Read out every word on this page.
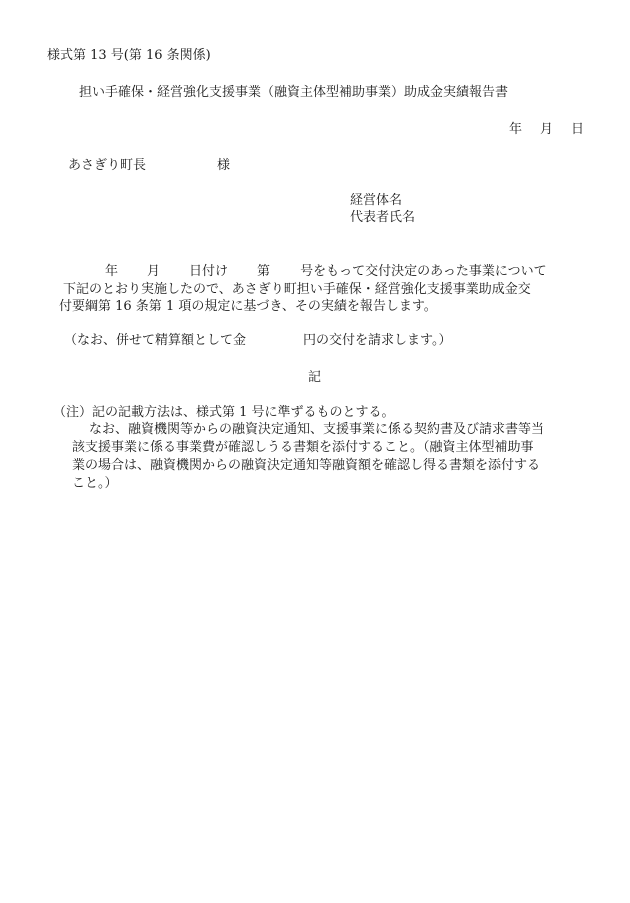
様式第 13 号(第 16 条関係)

担い手確保・経営強化支援事業（融資主体型補助事業）助成金実績報告書

年 月 日
あさぎり町長	様

経営体名

代表者氏名

年 月 日付け 第 号をもって交付決定のあった事業について

下記のとおり実施したので、あさぎり町担い手確保・経営強化支援事業助成金交

付要綱第 16 条第 1 項の規定に基づき、その実績を報告します。

（なお、併せて精算額として金	円の交付を請求します。）

記

（注）記の記載方法は、様式第 1 号に準ずるものとする。

なお、融資機関等からの融資決定通知、支援事業に係る契約書及び請求書等当

該支援事業に係る事業費が確認しうる書類を添付すること。（融資主体型補助事

業の場合は、融資機関からの融資決定通知等融資額を確認し得る書類を添付する

こと。）
